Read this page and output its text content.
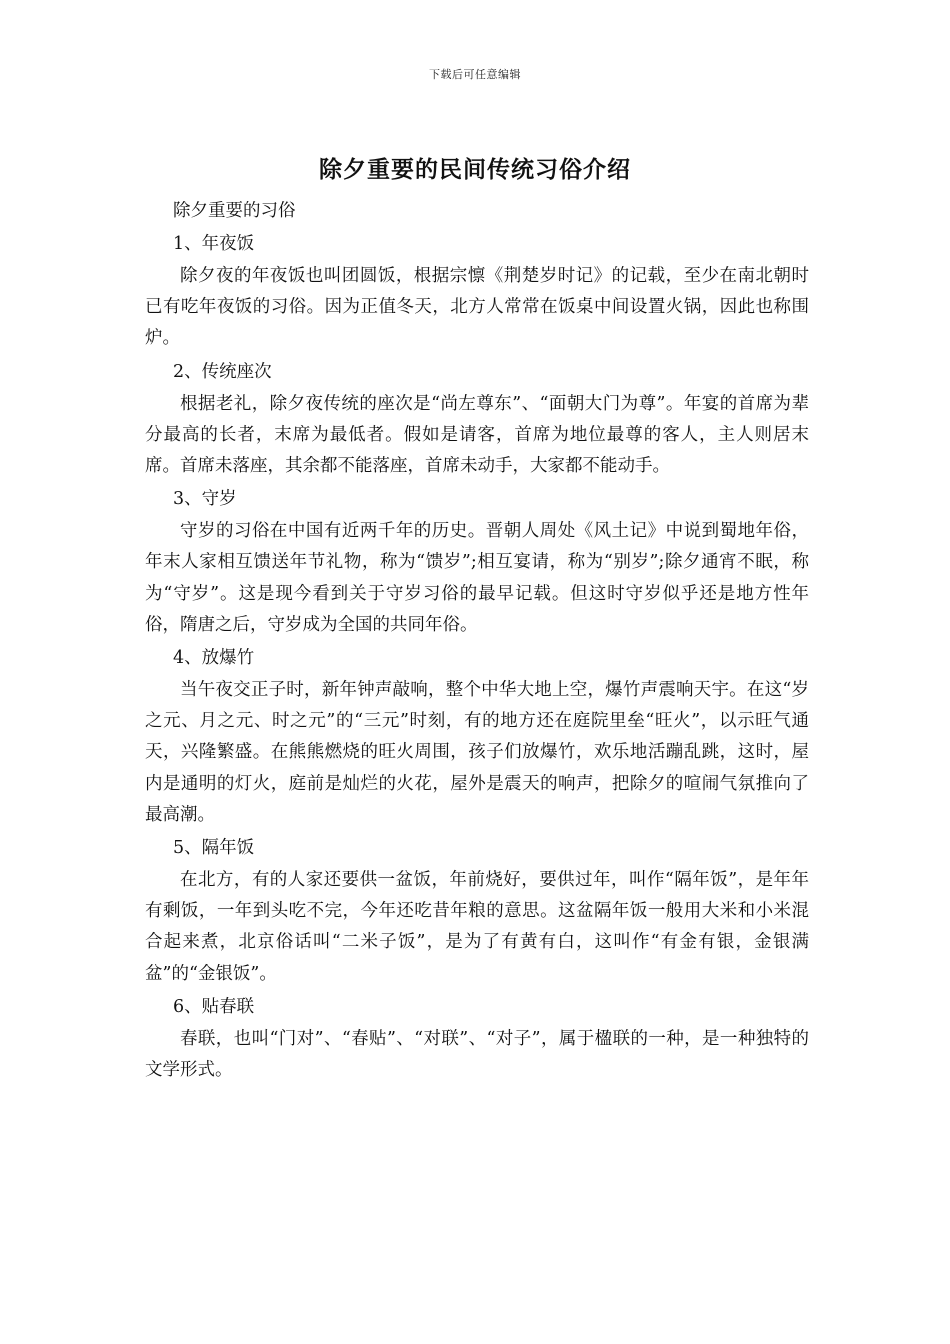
下载后可任意编辑
除夕重要的民间传统习俗介绍

除夕重要的习俗

1、年夜饭

除夕夜的年夜饭也叫团圆饭，根据宗懔《荆楚岁时记》的记载，至少在南北朝时已有吃年夜饭的习俗。因为正值冬天，北方人常常在饭桌中间设置火锅，因此也称围炉。

2、传统座次

根据老礼，除夕夜传统的座次是“尚左尊东”、“面朝大门为尊”。年宴的首席为辈分最高的长者，末席为最低者。假如是请客，首席为地位最尊的客人，主人则居末席。首席未落座，其余都不能落座，首席未动手，大家都不能动手。

3、守岁

守岁的习俗在中国有近两千年的历史。晋朝人周处《风土记》中说到蜀地年俗，年末人家相互馈送年节礼物，称为“馈岁”;相互宴请，称为“别岁”;除夕通宵不眠，称为“守岁”。这是现今看到关于守岁习俗的最早记载。但这时守岁似乎还是地方性年俗，隋唐之后，守岁成为全国的共同年俗。

4、放爆竹

当午夜交正子时，新年钟声敲响，整个中华大地上空，爆竹声震响天宇。在这“岁之元、月之元、时之元”的“三元”时刻，有的地方还在庭院里垒“旺火”，以示旺气通天，兴隆繁盛。在熊熊燃烧的旺火周围，孩子们放爆竹，欢乐地活蹦乱跳，这时，屋内是通明的灯火，庭前是灿烂的火花，屋外是震天的响声，把除夕的喧闹气氛推向了最高潮。

5、隔年饭

在北方，有的人家还要供一盆饭，年前烧好，要供过年，叫作“隔年饭”，是年年有剩饭，一年到头吃不完，今年还吃昔年粮的意思。这盆隔年饭一般用大米和小米混合起来煮，北京俗话叫“二米子饭”，是为了有黄有白，这叫作“有金有银，金银满盆”的“金银饭”。

6、贴春联

春联，也叫“门对”、“春贴”、“对联”、“对子”，属于楹联的一种，是一种独特的文学形式。
